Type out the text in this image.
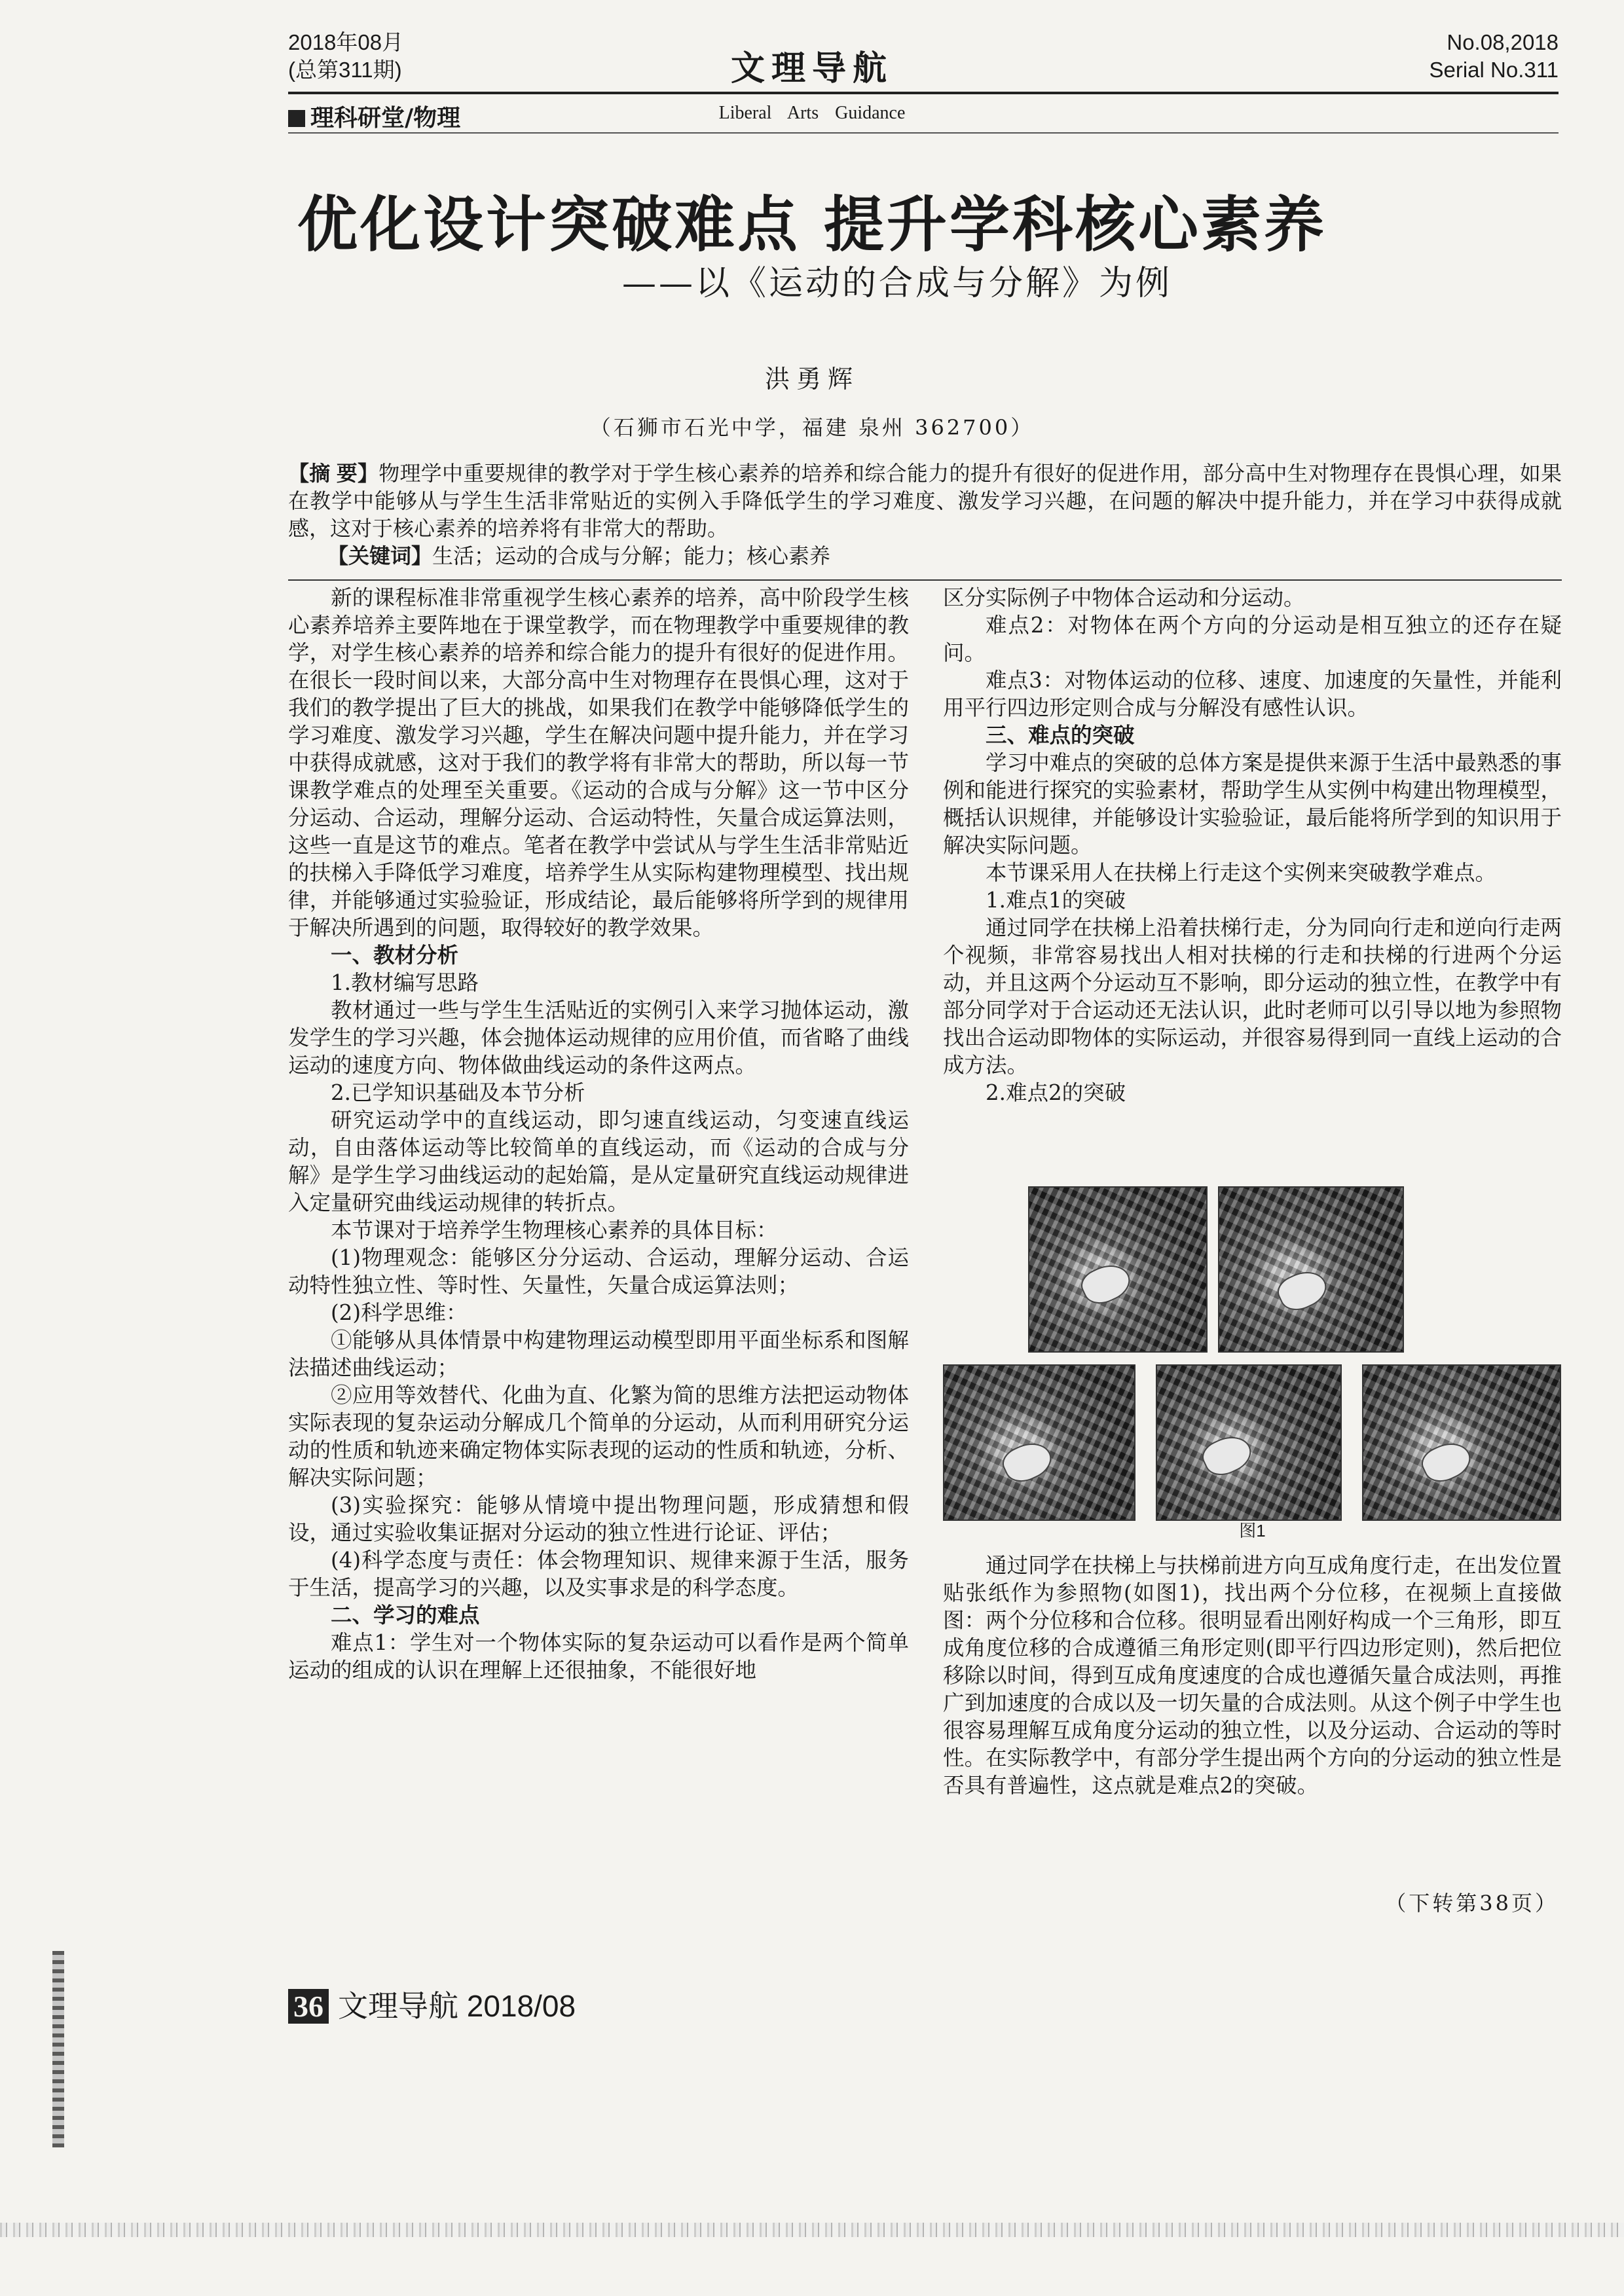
2018年08月
(总第311期)	文理导航
No.08,2018
Serial No.311
理科研堂/物理	Liberal Arts Guidance
优化设计突破难点 提升学科核心素养
——以《运动的合成与分解》为例
洪勇辉
（石狮市石光中学，福建 泉州 362700）
【摘 要】物理学中重要规律的教学对于学生核心素养的培养和综合能力的提升有很好的促进作用，部分高中生对物理存在畏惧心理，如果在教学中能够从与学生生活非常贴近的实例入手降低学生的学习难度、激发学习兴趣，在问题的解决中提升能力，并在学习中获得成就感，这对于核心素养的培养将有非常大的帮助。
【关键词】生活；运动的合成与分解；能力；核心素养

新的课程标准非常重视学生核心素养的培养，高中阶段学生核心素养培养主要阵地在于课堂教学，而在物理教学中重要规律的教学，对学生核心素养的培养和综合能力的提升有很好的促进作用。在很长一段时间以来，大部分高中生对物理存在畏惧心理，这对于我们的教学提出了巨大的挑战，如果我们在教学中能够降低学生的学习难度、激发学习兴趣，学生在解决问题中提升能力，并在学习中获得成就感，这对于我们的教学将有非常大的帮助，所以每一节课教学难点的处理至关重要。《运动的合成与分解》这一节中区分分运动、合运动，理解分运动、合运动特性，矢量合成运算法则，这些一直是这节的难点。笔者在教学中尝试从与学生生活非常贴近的扶梯入手降低学习难度，培养学生从实际构建物理模型、找出规律，并能够通过实验验证，形成结论，最后能够将所学到的规律用于解决所遇到的问题，取得较好的教学效果。

一、教材分析

1.教材编写思路

教材通过一些与学生生活贴近的实例引入来学习抛体运动，激发学生的学习兴趣，体会抛体运动规律的应用价值，而省略了曲线运动的速度方向、物体做曲线运动的条件这两点。

2.已学知识基础及本节分析

研究运动学中的直线运动，即匀速直线运动，匀变速直线运动，自由落体运动等比较简单的直线运动，而《运动的合成与分解》是学生学习曲线运动的起始篇，是从定量研究直线运动规律进入定量研究曲线运动规律的转折点。

本节课对于培养学生物理核心素养的具体目标：

(1)物理观念：能够区分分运动、合运动，理解分运动、合运动特性独立性、等时性、矢量性，矢量合成运算法则；

(2)科学思维：

①能够从具体情景中构建物理运动模型即用平面坐标系和图解法描述曲线运动；

②应用等效替代、化曲为直、化繁为简的思维方法把运动物体实际表现的复杂运动分解成几个简单的分运动，从而利用研究分运动的性质和轨迹来确定物体实际表现的运动的性质和轨迹，分析、解决实际问题；

(3)实验探究：能够从情境中提出物理问题，形成猜想和假设，通过实验收集证据对分运动的独立性进行论证、评估；

(4)科学态度与责任：体会物理知识、规律来源于生活，服务于生活，提高学习的兴趣，以及实事求是的科学态度。

二、学习的难点

难点1：学生对一个物体实际的复杂运动可以看作是两个简单运动的组成的认识在理解上还很抽象，不能很好地

区分实际例子中物体合运动和分运动。

难点2：对物体在两个方向的分运动是相互独立的还存在疑问。

难点3：对物体运动的位移、速度、加速度的矢量性，并能利用平行四边形定则合成与分解没有感性认识。

三、难点的突破

学习中难点的突破的总体方案是提供来源于生活中最熟悉的事例和能进行探究的实验素材，帮助学生从实例中构建出物理模型，概括认识规律，并能够设计实验验证，最后能将所学到的知识用于解决实际问题。

本节课采用人在扶梯上行走这个实例来突破教学难点。

1.难点1的突破

通过同学在扶梯上沿着扶梯行走，分为同向行走和逆向行走两个视频，非常容易找出人相对扶梯的行走和扶梯的行进两个分运动，并且这两个分运动互不影响，即分运动的独立性，在教学中有部分同学对于合运动还无法认识，此时老师可以引导以地为参照物找出合运动即物体的实际运动，并很容易得到同一直线上运动的合成方法。

2.难点2的突破

图1

通过同学在扶梯上与扶梯前进方向互成角度行走，在出发位置贴张纸作为参照物(如图1)，找出两个分位移，在视频上直接做图：两个分位移和合位移。很明显看出刚好构成一个三角形，即互成角度位移的合成遵循三角形定则(即平行四边形定则)，然后把位移除以时间，得到互成角度速度的合成也遵循矢量合成法则，再推广到加速度的合成以及一切矢量的合成法则。从这个例子中学生也很容易理解互成角度分运动的独立性，以及分运动、合运动的等时性。在实际教学中，有部分学生提出两个方向的分运动的独立性是否具有普遍性，这点就是难点2的突破。

（下转第38页）
36 文理导航 2018/08
